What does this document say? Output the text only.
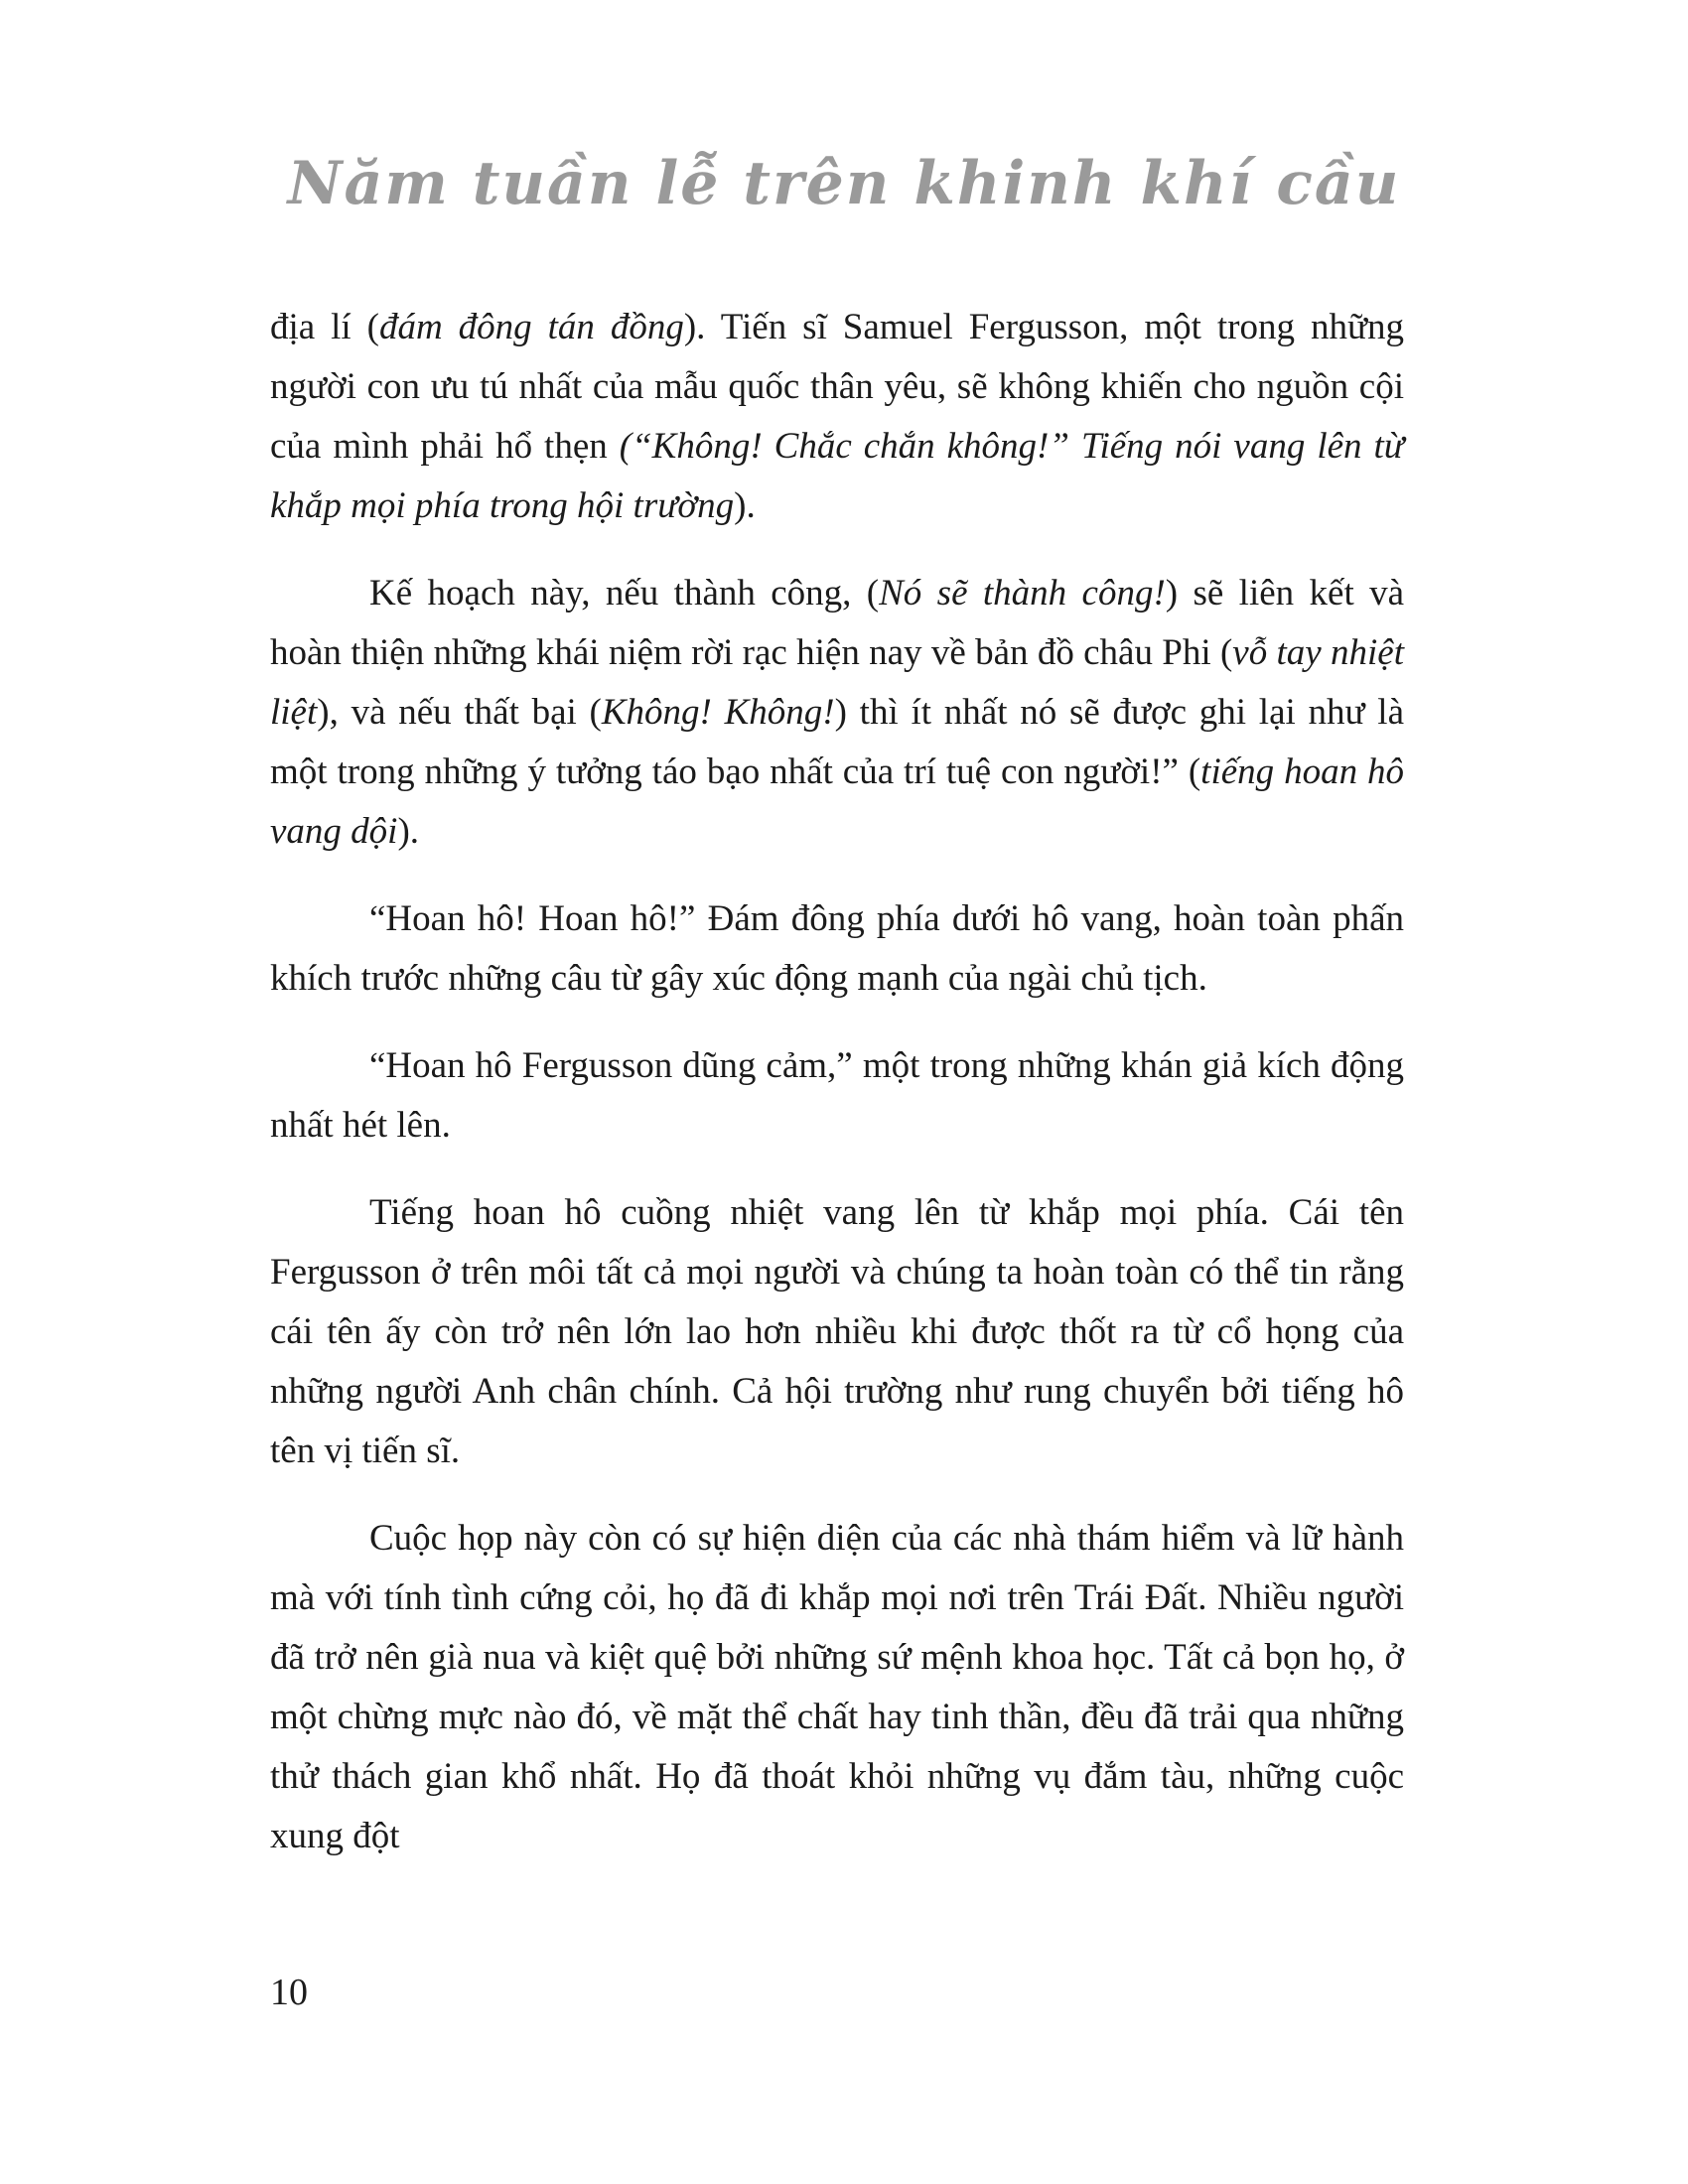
Năm tuần lễ trên khinh khí cầu

địa lí (đám đông tán đồng). Tiến sĩ Samuel Fergusson, một trong những người con ưu tú nhất của mẫu quốc thân yêu, sẽ không khiến cho nguồn cội của mình phải hổ thẹn (“Không! Chắc chắn không!” Tiếng nói vang lên từ khắp mọi phía trong hội trường).

Kế hoạch này, nếu thành công, (Nó sẽ thành công!) sẽ liên kết và hoàn thiện những khái niệm rời rạc hiện nay về bản đồ châu Phi (vỗ tay nhiệt liệt), và nếu thất bại (Không! Không!) thì ít nhất nó sẽ được ghi lại như là một trong những ý tưởng táo bạo nhất của trí tuệ con người!” (tiếng hoan hô vang dội).

“Hoan hô! Hoan hô!” Đám đông phía dưới hô vang, hoàn toàn phấn khích trước những câu từ gây xúc động mạnh của ngài chủ tịch.

“Hoan hô Fergusson dũng cảm,” một trong những khán giả kích động nhất hét lên.

Tiếng hoan hô cuồng nhiệt vang lên từ khắp mọi phía. Cái tên Fergusson ở trên môi tất cả mọi người và chúng ta hoàn toàn có thể tin rằng cái tên ấy còn trở nên lớn lao hơn nhiều khi được thốt ra từ cổ họng của những người Anh chân chính. Cả hội trường như rung chuyển bởi tiếng hô tên vị tiến sĩ.

Cuộc họp này còn có sự hiện diện của các nhà thám hiểm và lữ hành mà với tính tình cứng cỏi, họ đã đi khắp mọi nơi trên Trái Đất. Nhiều người đã trở nên già nua và kiệt quệ bởi những sứ mệnh khoa học. Tất cả bọn họ, ở một chừng mực nào đó, về mặt thể chất hay tinh thần, đều đã trải qua những thử thách gian khổ nhất. Họ đã thoát khỏi những vụ đắm tàu, những cuộc xung đột

10
